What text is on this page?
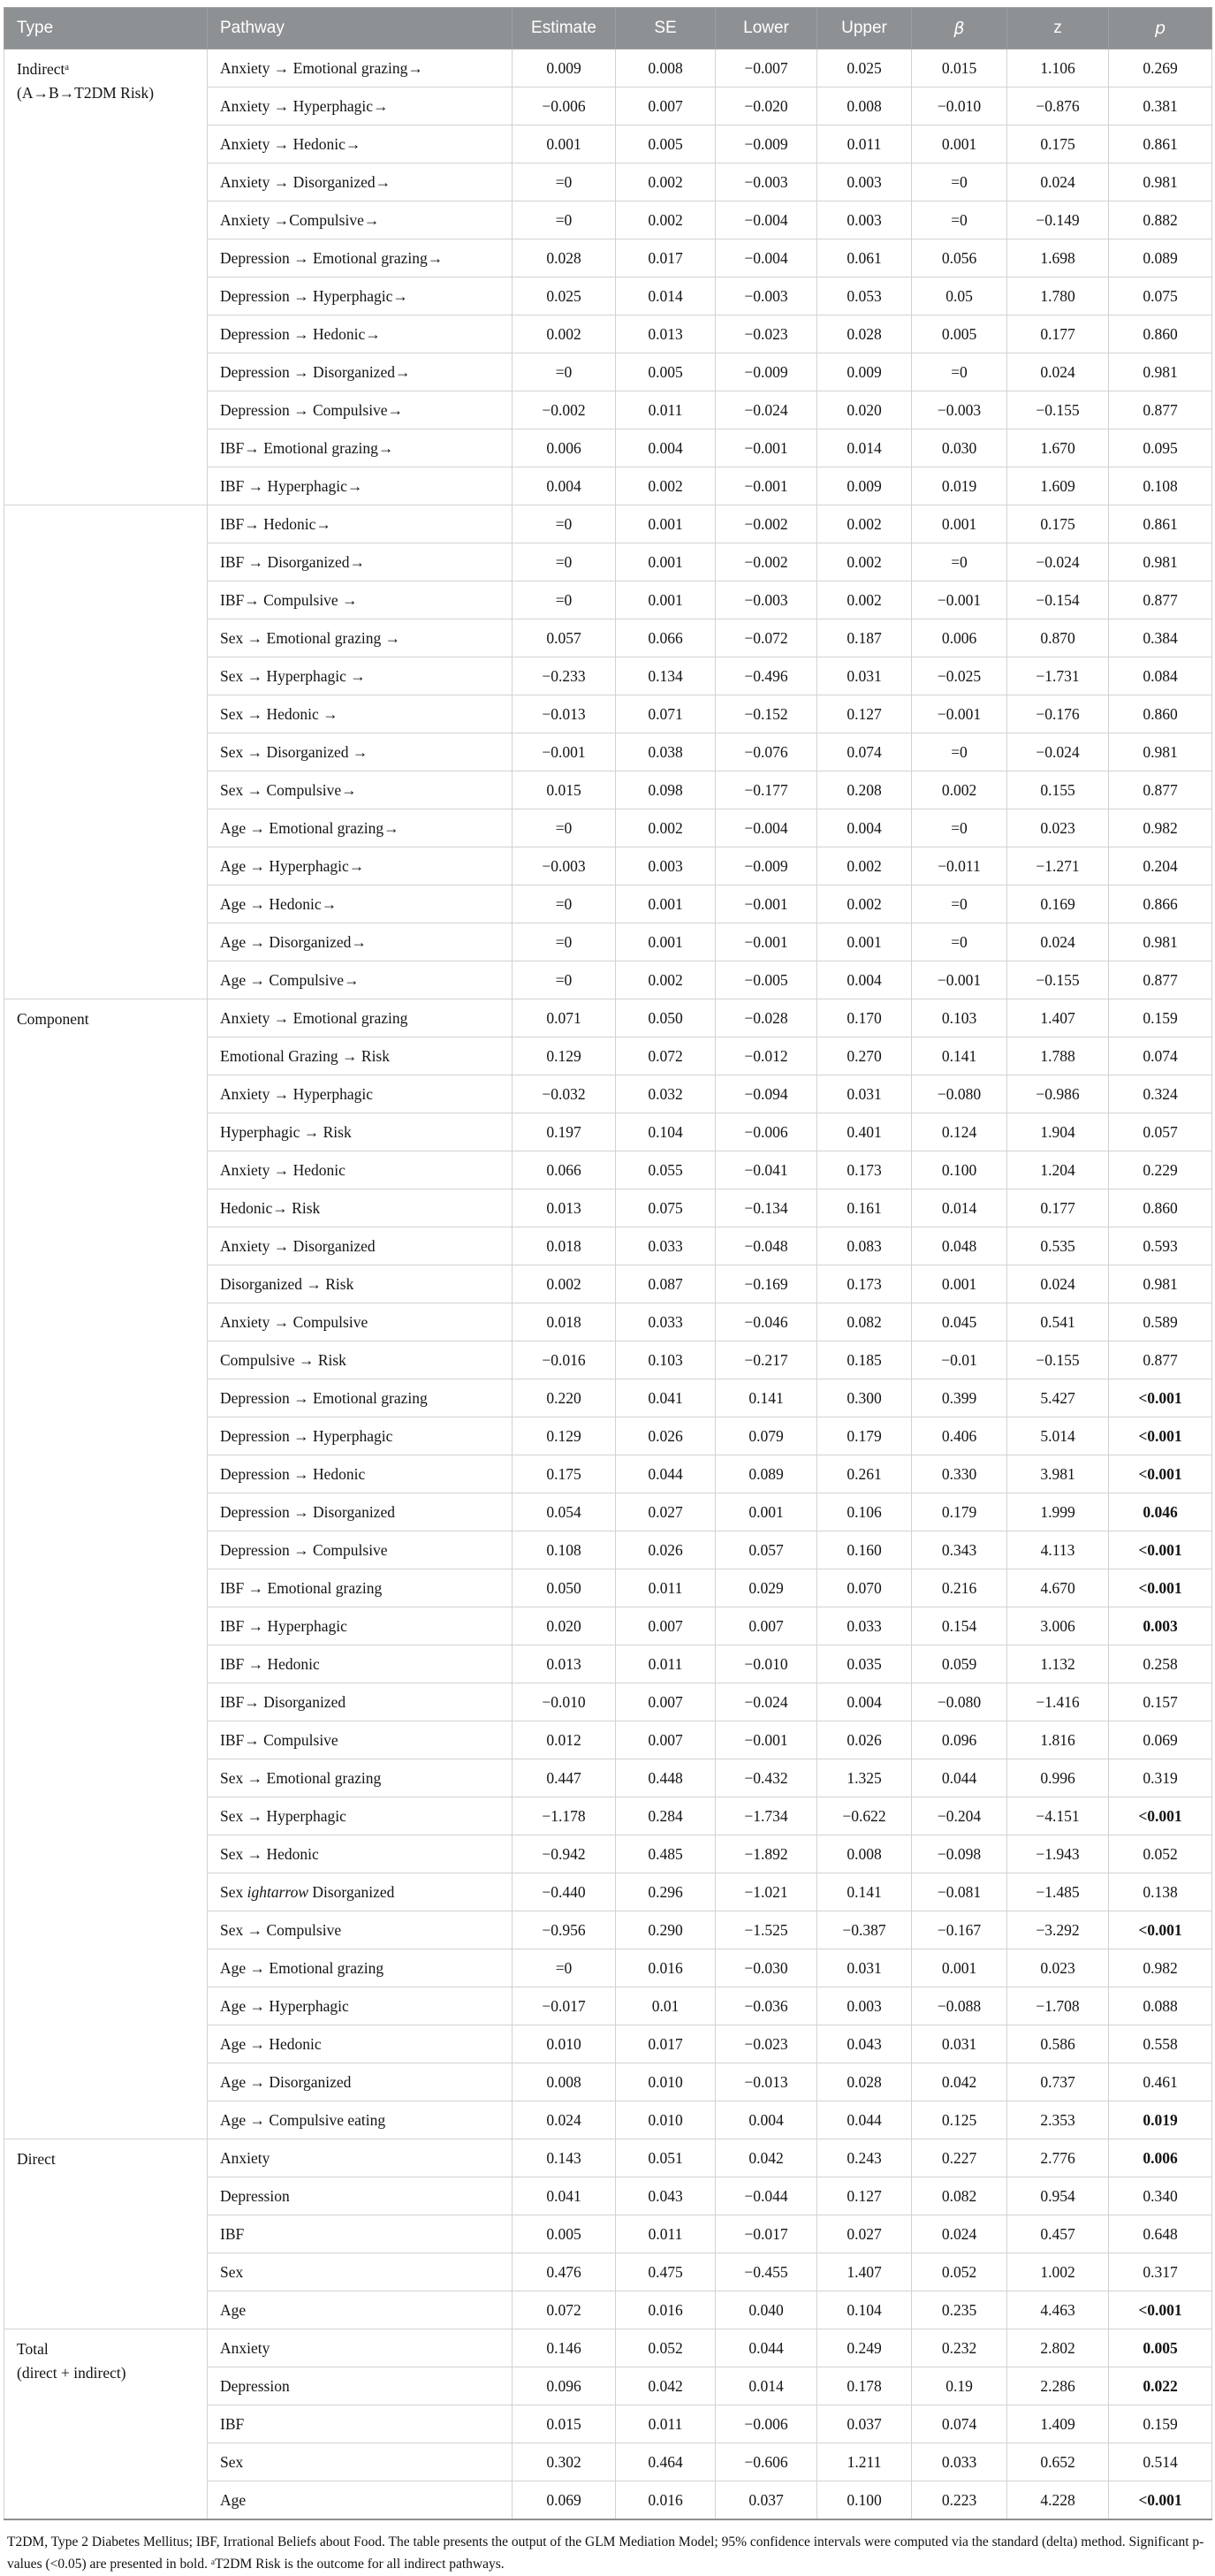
Type	Pathway	Estimate	SE	Lower	Upper	β	z	p

Indirectᵃ
(A→B→T2DM Risk)	Anxiety → Emotional grazing→	0.009	0.008	−0.007	0.025	0.015	1.106	0.269
	Anxiety → Hyperphagic→	−0.006	0.007	−0.020	0.008	−0.010	−0.876	0.381
	Anxiety → Hedonic→	0.001	0.005	−0.009	0.011	0.001	0.175	0.861
	Anxiety → Disorganized→	=0	0.002	−0.003	0.003	=0	0.024	0.981
	Anxiety →Compulsive→	=0	0.002	−0.004	0.003	=0	−0.149	0.882
	Depression → Emotional grazing→	0.028	0.017	−0.004	0.061	0.056	1.698	0.089
	Depression → Hyperphagic→	0.025	0.014	−0.003	0.053	0.05	1.780	0.075
	Depression → Hedonic→	0.002	0.013	−0.023	0.028	0.005	0.177	0.860
	Depression → Disorganized→	=0	0.005	−0.009	0.009	=0	0.024	0.981
	Depression → Compulsive→	−0.002	0.011	−0.024	0.020	−0.003	−0.155	0.877
	IBF→ Emotional grazing→	0.006	0.004	−0.001	0.014	0.030	1.670	0.095
	IBF → Hyperphagic→	0.004	0.002	−0.001	0.009	0.019	1.609	0.108

	IBF→ Hedonic→	=0	0.001	−0.002	0.002	0.001	0.175	0.861
	IBF → Disorganized→	=0	0.001	−0.002	0.002	=0	−0.024	0.981
	IBF→ Compulsive →	=0	0.001	−0.003	0.002	−0.001	−0.154	0.877
	Sex → Emotional grazing →	0.057	0.066	−0.072	0.187	0.006	0.870	0.384
	Sex → Hyperphagic →	−0.233	0.134	−0.496	0.031	−0.025	−1.731	0.084
	Sex → Hedonic →	−0.013	0.071	−0.152	0.127	−0.001	−0.176	0.860
	Sex → Disorganized →	−0.001	0.038	−0.076	0.074	=0	−0.024	0.981
	Sex → Compulsive→	0.015	0.098	−0.177	0.208	0.002	0.155	0.877
	Age → Emotional grazing→	=0	0.002	−0.004	0.004	=0	0.023	0.982
	Age → Hyperphagic→	−0.003	0.003	−0.009	0.002	−0.011	−1.271	0.204
	Age → Hedonic→	=0	0.001	−0.001	0.002	=0	0.169	0.866
	Age → Disorganized→	=0	0.001	−0.001	0.001	=0	0.024	0.981
	Age → Compulsive→	=0	0.002	−0.005	0.004	−0.001	−0.155	0.877

Component	Anxiety → Emotional grazing	0.071	0.050	−0.028	0.170	0.103	1.407	0.159
	Emotional Grazing → Risk	0.129	0.072	−0.012	0.270	0.141	1.788	0.074
	Anxiety → Hyperphagic	−0.032	0.032	−0.094	0.031	−0.080	−0.986	0.324
	Hyperphagic → Risk	0.197	0.104	−0.006	0.401	0.124	1.904	0.057
	Anxiety → Hedonic	0.066	0.055	−0.041	0.173	0.100	1.204	0.229
	Hedonic→ Risk	0.013	0.075	−0.134	0.161	0.014	0.177	0.860
	Anxiety → Disorganized	0.018	0.033	−0.048	0.083	0.048	0.535	0.593
	Disorganized → Risk	0.002	0.087	−0.169	0.173	0.001	0.024	0.981
	Anxiety → Compulsive	0.018	0.033	−0.046	0.082	0.045	0.541	0.589
	Compulsive → Risk	−0.016	0.103	−0.217	0.185	−0.01	−0.155	0.877
	Depression → Emotional grazing	0.220	0.041	0.141	0.300	0.399	5.427	<0.001
	Depression → Hyperphagic	0.129	0.026	0.079	0.179	0.406	5.014	<0.001
	Depression → Hedonic	0.175	0.044	0.089	0.261	0.330	3.981	<0.001
	Depression → Disorganized	0.054	0.027	0.001	0.106	0.179	1.999	0.046
	Depression → Compulsive	0.108	0.026	0.057	0.160	0.343	4.113	<0.001
	IBF → Emotional grazing	0.050	0.011	0.029	0.070	0.216	4.670	<0.001
	IBF → Hyperphagic	0.020	0.007	0.007	0.033	0.154	3.006	0.003
	IBF → Hedonic	0.013	0.011	−0.010	0.035	0.059	1.132	0.258
	IBF→ Disorganized	−0.010	0.007	−0.024	0.004	−0.080	−1.416	0.157
	IBF→ Compulsive	0.012	0.007	−0.001	0.026	0.096	1.816	0.069
	Sex → Emotional grazing	0.447	0.448	−0.432	1.325	0.044	0.996	0.319
	Sex → Hyperphagic	−1.178	0.284	−1.734	−0.622	−0.204	−4.151	<0.001
	Sex → Hedonic	−0.942	0.485	−1.892	0.008	−0.098	−1.943	0.052
	Sex ightarrow Disorganized	−0.440	0.296	−1.021	0.141	−0.081	−1.485	0.138
	Sex → Compulsive	−0.956	0.290	−1.525	−0.387	−0.167	−3.292	<0.001
	Age → Emotional grazing	=0	0.016	−0.030	0.031	0.001	0.023	0.982
	Age → Hyperphagic	−0.017	0.01	−0.036	0.003	−0.088	−1.708	0.088
	Age → Hedonic	0.010	0.017	−0.023	0.043	0.031	0.586	0.558
	Age → Disorganized	0.008	0.010	−0.013	0.028	0.042	0.737	0.461
	Age → Compulsive eating	0.024	0.010	0.004	0.044	0.125	2.353	0.019

Direct	Anxiety	0.143	0.051	0.042	0.243	0.227	2.776	0.006
	Depression	0.041	0.043	−0.044	0.127	0.082	0.954	0.340
	IBF	0.005	0.011	−0.017	0.027	0.024	0.457	0.648
	Sex	0.476	0.475	−0.455	1.407	0.052	1.002	0.317
	Age	0.072	0.016	0.040	0.104	0.235	4.463	<0.001

Total
(direct + indirect)	Anxiety	0.146	0.052	0.044	0.249	0.232	2.802	0.005
	Depression	0.096	0.042	0.014	0.178	0.19	2.286	0.022
	IBF	0.015	0.011	−0.006	0.037	0.074	1.409	0.159
	Sex	0.302	0.464	−0.606	1.211	0.033	0.652	0.514
	Age	0.069	0.016	0.037	0.100	0.223	4.228	<0.001
T2DM, Type 2 Diabetes Mellitus; IBF, Irrational Beliefs about Food. The table presents the output of the GLM Mediation Model; 95% confidence intervals were computed via the standard (delta) method. Significant p-values (<0.05) are presented in bold. ᵃT2DM Risk is the outcome for all indirect pathways.
